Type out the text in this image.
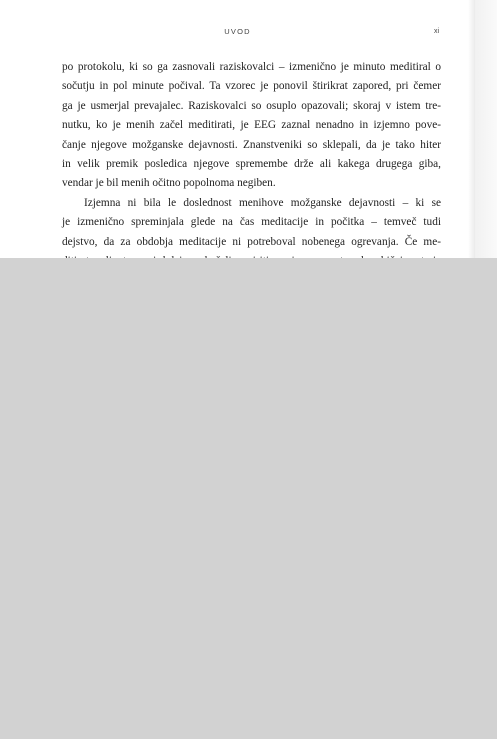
UVOD	xi
po protokolu, ki so ga zasnovali raziskovalci – izmenično je minuto meditiral o
sočutju in pol minute počival. Ta vzorec je ponovil štirikrat zapored, pri čemer
ga je usmerjal prevajalec. Raziskovalci so osuplo opazovali; skoraj v istem tre-
nutku, ko je menih začel meditirati, je EEG zaznal nenadno in izjemno pove-
čanje njegove možganske dejavnosti. Znanstveniki so sklepali, da je tako hiter
in velik premik posledica njegove spremembe drže ali kakega drugega giba,
vendar je bil menih očitno popolnoma negiben.
Izjemna ni bila le doslednost menihove možganske dejavnosti – ki se
je izmenično spreminjala glede na čas meditacije in počitka – temveč tudi
dejstvo, da za obdobja meditacije ni potreboval nobenega ogrevanja. Če me-
